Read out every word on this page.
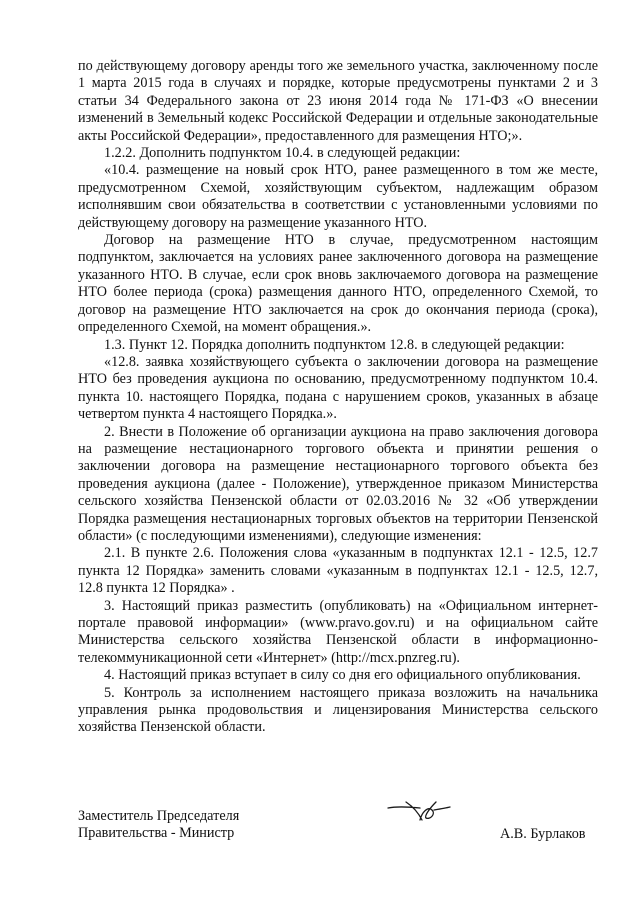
по действующему договору аренды того же земельного участка, заключенному после 1 марта 2015 года в случаях и порядке, которые предусмотрены пунктами 2 и 3 статьи 34 Федерального закона от 23 июня 2014 года № 171-ФЗ «О внесении изменений в Земельный кодекс Российской Федерации и отдельные законодательные акты Российской Федерации», предоставленного для размещения НТО;».

1.2.2. Дополнить подпунктом 10.4. в следующей редакции:

«10.4. размещение на новый срок НТО, ранее размещенного в том же месте, предусмотренном Схемой, хозяйствующим субъектом, надлежащим образом исполнявшим свои обязательства в соответствии с установленными условиями по действующему договору на размещение указанного НТО.

Договор на размещение НТО в случае, предусмотренном настоящим подпунктом, заключается на условиях ранее заключенного договора на размещение указанного НТО. В случае, если срок вновь заключаемого договора на размещение НТО более периода (срока) размещения данного НТО, определенного Схемой, то договор на размещение НТО заключается на срок до окончания периода (срока), определенного Схемой, на момент обращения.».

1.3. Пункт 12. Порядка дополнить подпунктом 12.8. в следующей редакции:

«12.8. заявка хозяйствующего субъекта о заключении договора на размещение НТО без проведения аукциона по основанию, предусмотренному подпунктом 10.4. пункта 10. настоящего Порядка, подана с нарушением сроков, указанных в абзаце четвертом пункта 4 настоящего Порядка.».

2. Внести в Положение об организации аукциона на право заключения договора на размещение нестационарного торгового объекта и принятии решения о заключении договора на размещение нестационарного торгового объекта без проведения аукциона (далее - Положение), утвержденное приказом Министерства сельского хозяйства Пензенской области от 02.03.2016 № 32 «Об утверждении Порядка размещения нестационарных торговых объектов на территории Пензенской области» (с последующими изменениями), следующие изменения:

2.1. В пункте 2.6. Положения слова «указанным в подпунктах 12.1 - 12.5, 12.7 пункта 12 Порядка» заменить словами «указанным в подпунктах 12.1 - 12.5, 12.7, 12.8 пункта 12 Порядка» .

3. Настоящий приказ разместить (опубликовать) на «Официальном интернет-портале правовой информации» (www.pravo.gov.ru) и на официальном сайте Министерства сельского хозяйства Пензенской области в информационно-телекоммуникационной сети «Интернет» (http://mcx.pnzreg.ru).

4. Настоящий приказ вступает в силу со дня его официального опубликования.

5. Контроль за исполнением настоящего приказа возложить на начальника управления рынка продовольствия и лицензирования Министерства сельского хозяйства Пензенской области.

Заместитель Председателя
Правительства - Министр	А.В. Бурлаков
